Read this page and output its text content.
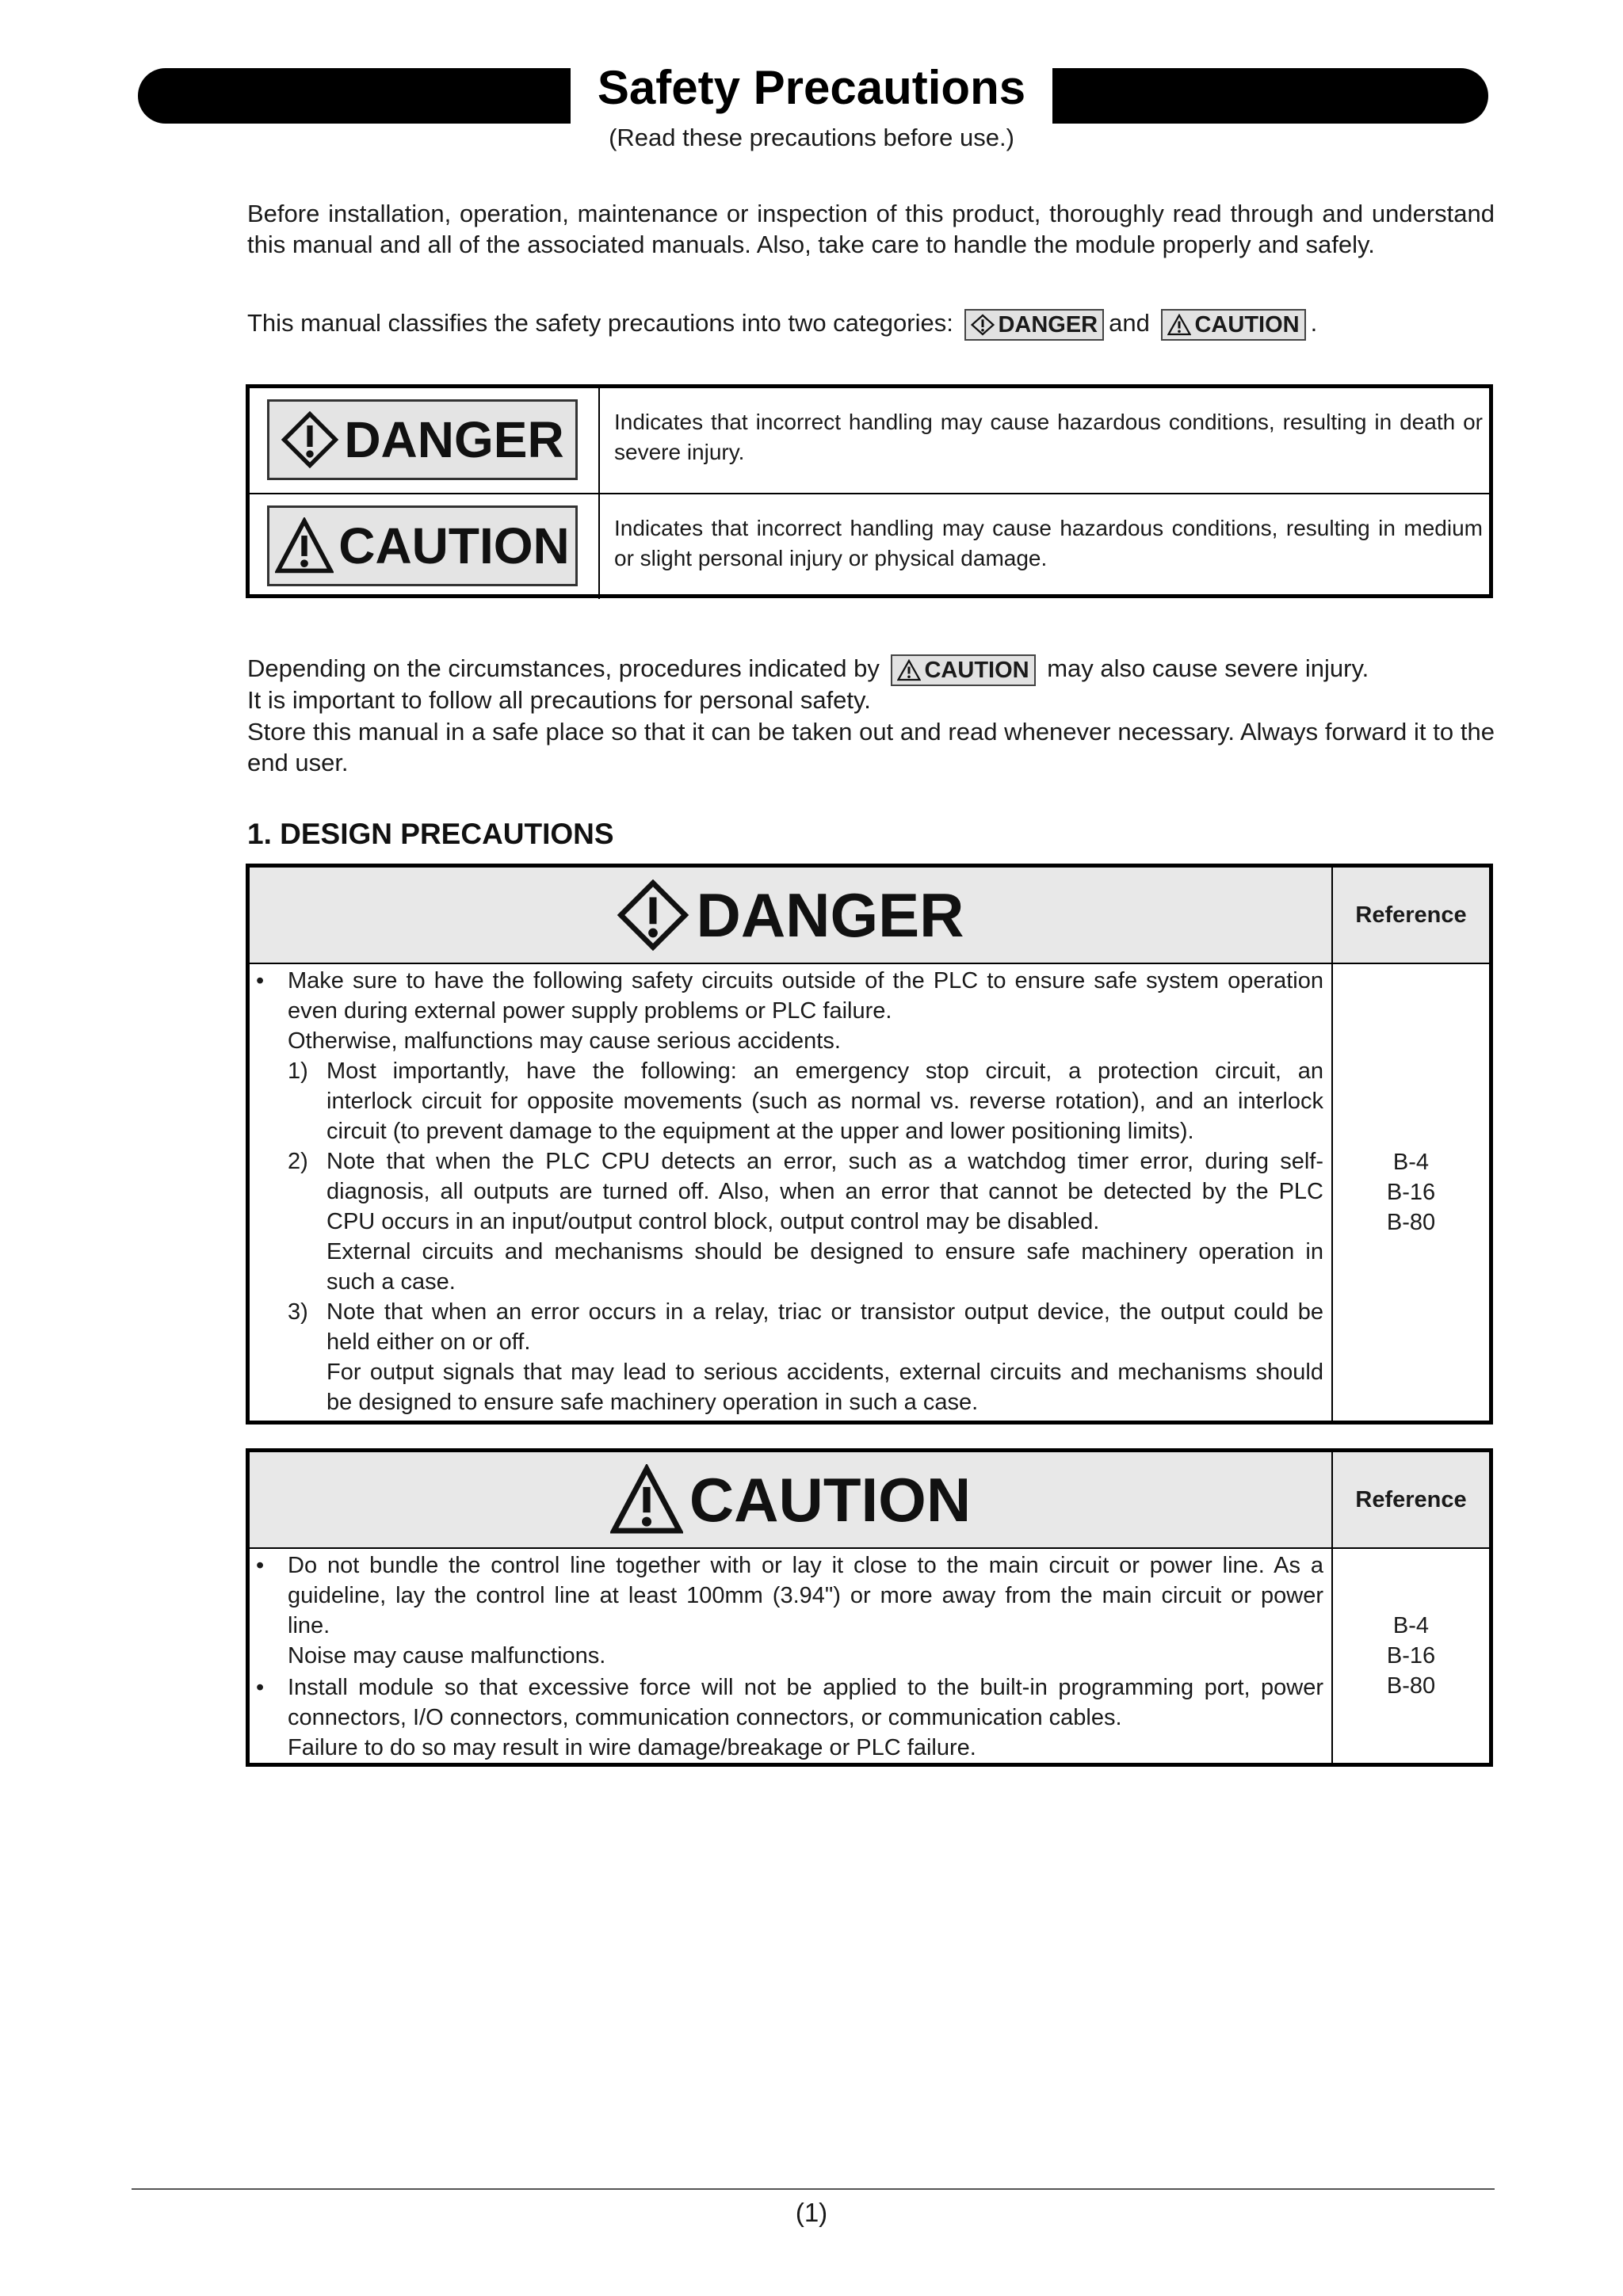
Safety Precautions
(Read these precautions before use.)

Before installation, operation, maintenance or inspection of this product, thoroughly read through and understand this manual and all of the associated manuals. Also, take care to handle the module properly and safely.

This manual classifies the safety precautions into two categories: DANGER and CAUTION .

DANGER Indicates that incorrect handling may cause hazardous conditions, resulting in death or severe injury.
CAUTION Indicates that incorrect handling may cause hazardous conditions, resulting in medium or slight personal injury or physical damage.

Depending on the circumstances, procedures indicated by CAUTION may also cause severe injury.

It is important to follow all precautions for personal safety.

Store this manual in a safe place so that it can be taken out and read whenever necessary. Always forward it to the end user.

1. DESIGN PRECAUTIONS
DANGER	Reference
• Make sure to have the following safety circuits outside of the PLC to ensure safe system operation
even during external power supply problems or PLC failure.
Otherwise, malfunctions may cause serious accidents.
1) Most importantly, have the following: an emergency stop circuit, a protection circuit, an
interlock circuit for opposite movements (such as normal vs. reverse rotation), and an interlock
circuit (to prevent damage to the equipment at the upper and lower positioning limits).
2) Note that when the PLC CPU detects an error, such as a watchdog timer error, during self-
diagnosis, all outputs are turned off. Also, when an error that cannot be detected by the PLC
CPU occurs in an input/output control block, output control may be disabled.
External circuits and mechanisms should be designed to ensure safe machinery operation in
such a case.
3) Note that when an error occurs in a relay, triac or transistor output device, the output could be
held either on or off.
For output signals that may lead to serious accidents, external circuits and mechanisms should
be designed to ensure safe machinery operation in such a case.
B-4
B-16
B-80
CAUTION	Reference
• Do not bundle the control line together with or lay it close to the main circuit or power line. As a
guideline, lay the control line at least 100mm (3.94") or more away from the main circuit or power
line.
Noise may cause malfunctions.
• Install module so that excessive force will not be applied to the built-in programming port, power
connectors, I/O connectors, communication connectors, or communication cables.
Failure to do so may result in wire damage/breakage or PLC failure.
B-4
B-16
B-80
(1)
